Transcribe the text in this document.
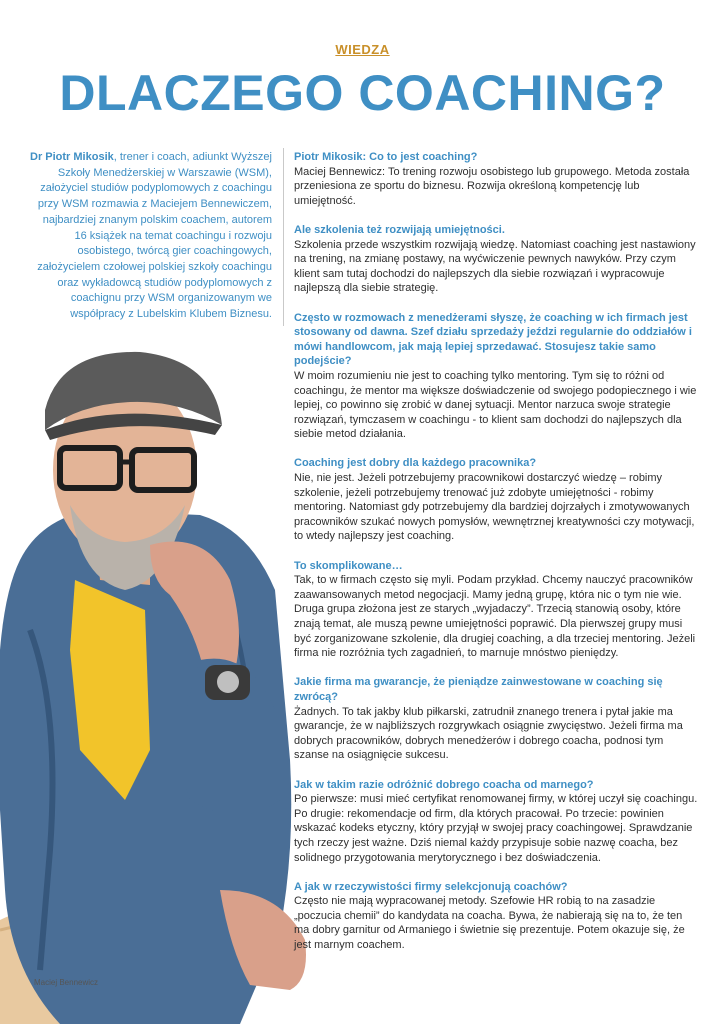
WIEDZA
DLACZEGO COACHING?
Dr Piotr Mikosik, trener i coach, adiunkt Wyższej Szkoły Menedżerskiej w Warszawie (WSM), założyciel studiów podyplomowych z coachingu przy WSM rozmawia z Maciejem Bennewiczem, najbardziej znanym polskim coachem, autorem 16 książek na temat coachingu i rozwoju osobistego, twórcą gier coachingowych, założycielem czołowej polskiej szkoły coachingu oraz wykładowcą studiów podyplomowych z coachignu przy WSM organizowanym we współpracy z Lubelskim Klubem Biznesu.
Maciej Bennewicz
Piotr Mikosik: Co to jest coaching?
Maciej Bennewicz: To trening rozwoju osobistego lub grupowego. Metoda została przeniesiona ze sportu do biznesu. Rozwija określoną kompetencję lub umiejętność.
Ale szkolenia też rozwijają umiejętności.
Szkolenia przede wszystkim rozwijają wiedzę. Natomiast coaching jest nastawiony na trening, na zmianę postawy, na wyćwiczenie pewnych nawyków. Przy czym klient sam tutaj dochodzi do najlepszych dla siebie rozwiązań i wypracowuje najlepszą dla siebie strategię.
Często w rozmowach z menedżerami słyszę, że coaching w ich firmach jest stosowany od dawna. Szef działu sprzedaży jeździ regularnie do oddziałów i mówi handlowcom, jak mają lepiej sprzedawać. Stosujesz takie samo podejście?
W moim rozumieniu nie jest to coaching tylko mentoring. Tym się to różni od coachingu, że mentor ma większe doświadczenie od swojego podopiecznego i wie lepiej, co powinno się zrobić w danej sytuacji. Mentor narzuca swoje strategie rozwiązań, tymczasem w coachingu - to klient sam dochodzi do najlepszych dla siebie metod działania.
Coaching jest dobry dla każdego pracownika?
Nie, nie jest. Jeżeli potrzebujemy pracownikowi dostarczyć wiedzę – robimy szkolenie, jeżeli potrzebujemy trenować już zdobyte umiejętności - robimy mentoring. Natomiast gdy potrzebujemy dla bardziej dojrzałych i zmotywowanych pracowników szukać nowych pomysłów, wewnętrznej kreatywności czy motywacji, to wtedy najlepszy jest coaching.
To skomplikowane…
Tak, to w firmach często się myli. Podam przykład. Chcemy nauczyć pracowników zaawansowanych metod negocjacji. Mamy jedną grupę, która nic o tym nie wie. Druga grupa złożona jest ze starych „wyjadaczy”. Trzecią stanowią osoby, które znają temat, ale muszą pewne umiejętności poprawić. Dla pierwszej grupy musi być zorganizowane szkolenie, dla drugiej coaching, a dla trzeciej mentoring. Jeżeli firma nie rozróżnia tych zagadnień, to marnuje mnóstwo pieniędzy.
Jakie firma ma gwarancje, że pieniądze zainwestowane w coaching się zwrócą?
Żadnych. To tak jakby klub piłkarski, zatrudnił znanego trenera i pytał jakie ma gwarancje, że w najbliższych rozgrywkach osiągnie zwycięstwo. Jeżeli firma ma dobrych pracowników, dobrych menedżerów i dobrego coacha, podnosi tym szanse na osiągnięcie sukcesu.
Jak w takim razie odróżnić dobrego coacha od marnego?
Po pierwsze: musi mieć certyfikat renomowanej firmy, w której uczył się coachingu. Po drugie: rekomendacje od firm, dla których pracował. Po trzecie: powinien wskazać kodeks etyczny, który przyjął w swojej pracy coachingowej. Sprawdzanie tych rzeczy jest ważne. Dziś niemal każdy przypisuje sobie nazwę coacha, bez solidnego przygotowania merytorycznego i bez doświadczenia.
A jak w rzeczywistości firmy selekcjonują coachów?
Często nie mają wypracowanej metody. Szefowie HR robią to na zasadzie „poczucia chemii” do kandydata na coacha. Bywa, że nabierają się na to, że ten ma dobry garnitur od Armaniego i świetnie się prezentuje. Potem okazuje się, że jest marnym coachem.
